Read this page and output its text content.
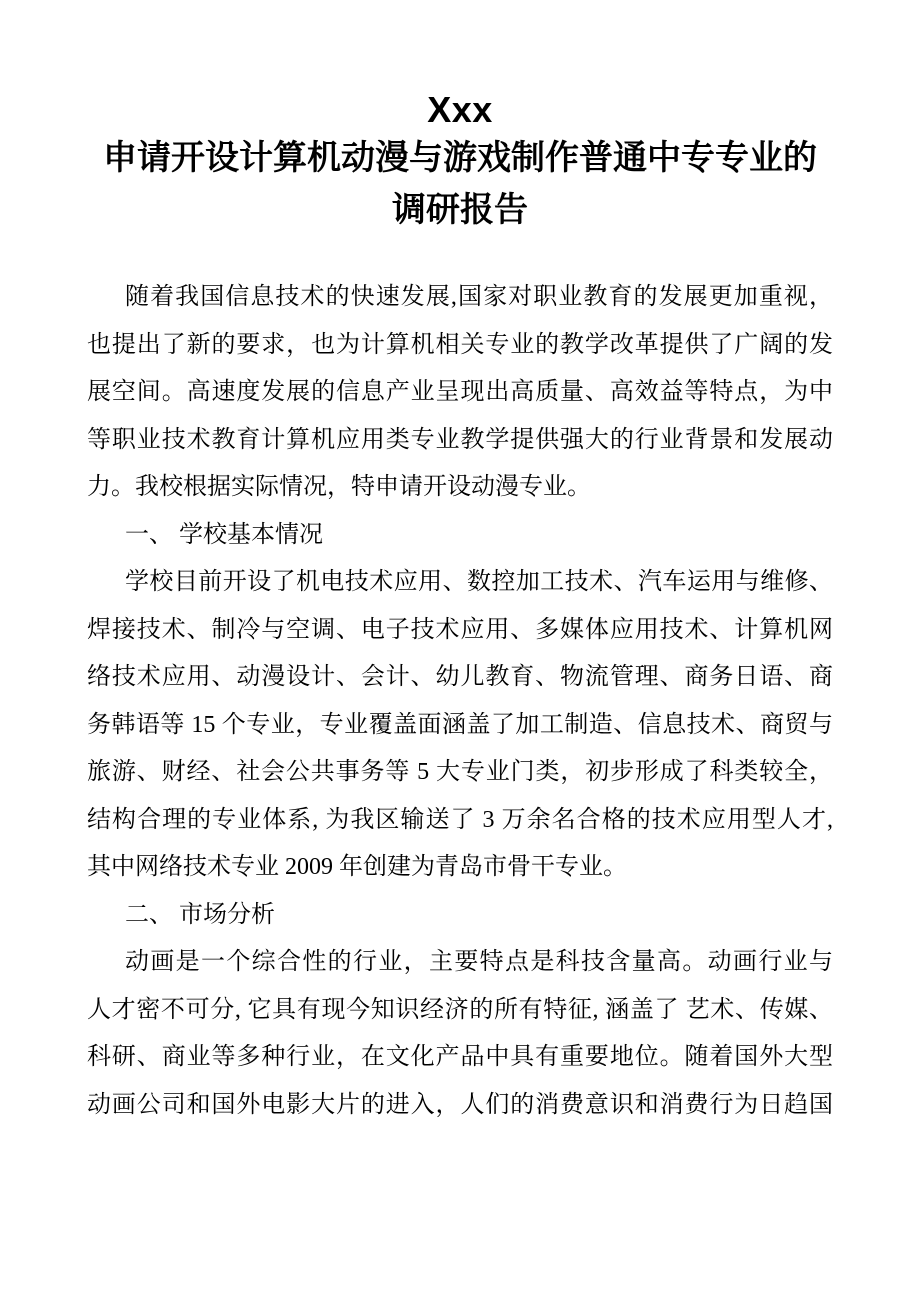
Xxx
申请开设计算机动漫与游戏制作普通中专专业的
调研报告
随着我国信息技术的快速发展,国家对职业教育的发展更加重视，
也提出了新的要求，也为计算机相关专业的教学改革提供了广阔的发
展空间。高速度发展的信息产业呈现出高质量、高效益等特点，为中
等职业技术教育计算机应用类专业教学提供强大的行业背景和发展动
力。我校根据实际情况，特申请开设动漫专业。
一、 学校基本情况
学校目前开设了机电技术应用、数控加工技术、汽车运用与维修、
焊接技术、制冷与空调、电子技术应用、多媒体应用技术、计算机网
络技术应用、动漫设计、会计、幼儿教育、物流管理、商务日语、商
务韩语等 15 个专业，专业覆盖面涵盖了加工制造、信息技术、商贸与
旅游、财经、社会公共事务等 5 大专业门类，初步形成了科类较全，
结构合理的专业体系, 为我区输送了 3 万余名合格的技术应用型人才,
其中网络技术专业 2009 年创建为青岛市骨干专业。
二、 市场分析
动画是一个综合性的行业，主要特点是科技含量高。动画行业与
人才密不可分, 它具有现今知识经济的所有特征, 涵盖了 艺术、传媒、
科研、商业等多种行业，在文化产品中具有重要地位。随着国外大型
动画公司和国外电影大片的进入，人们的消费意识和消费行为日趋国
